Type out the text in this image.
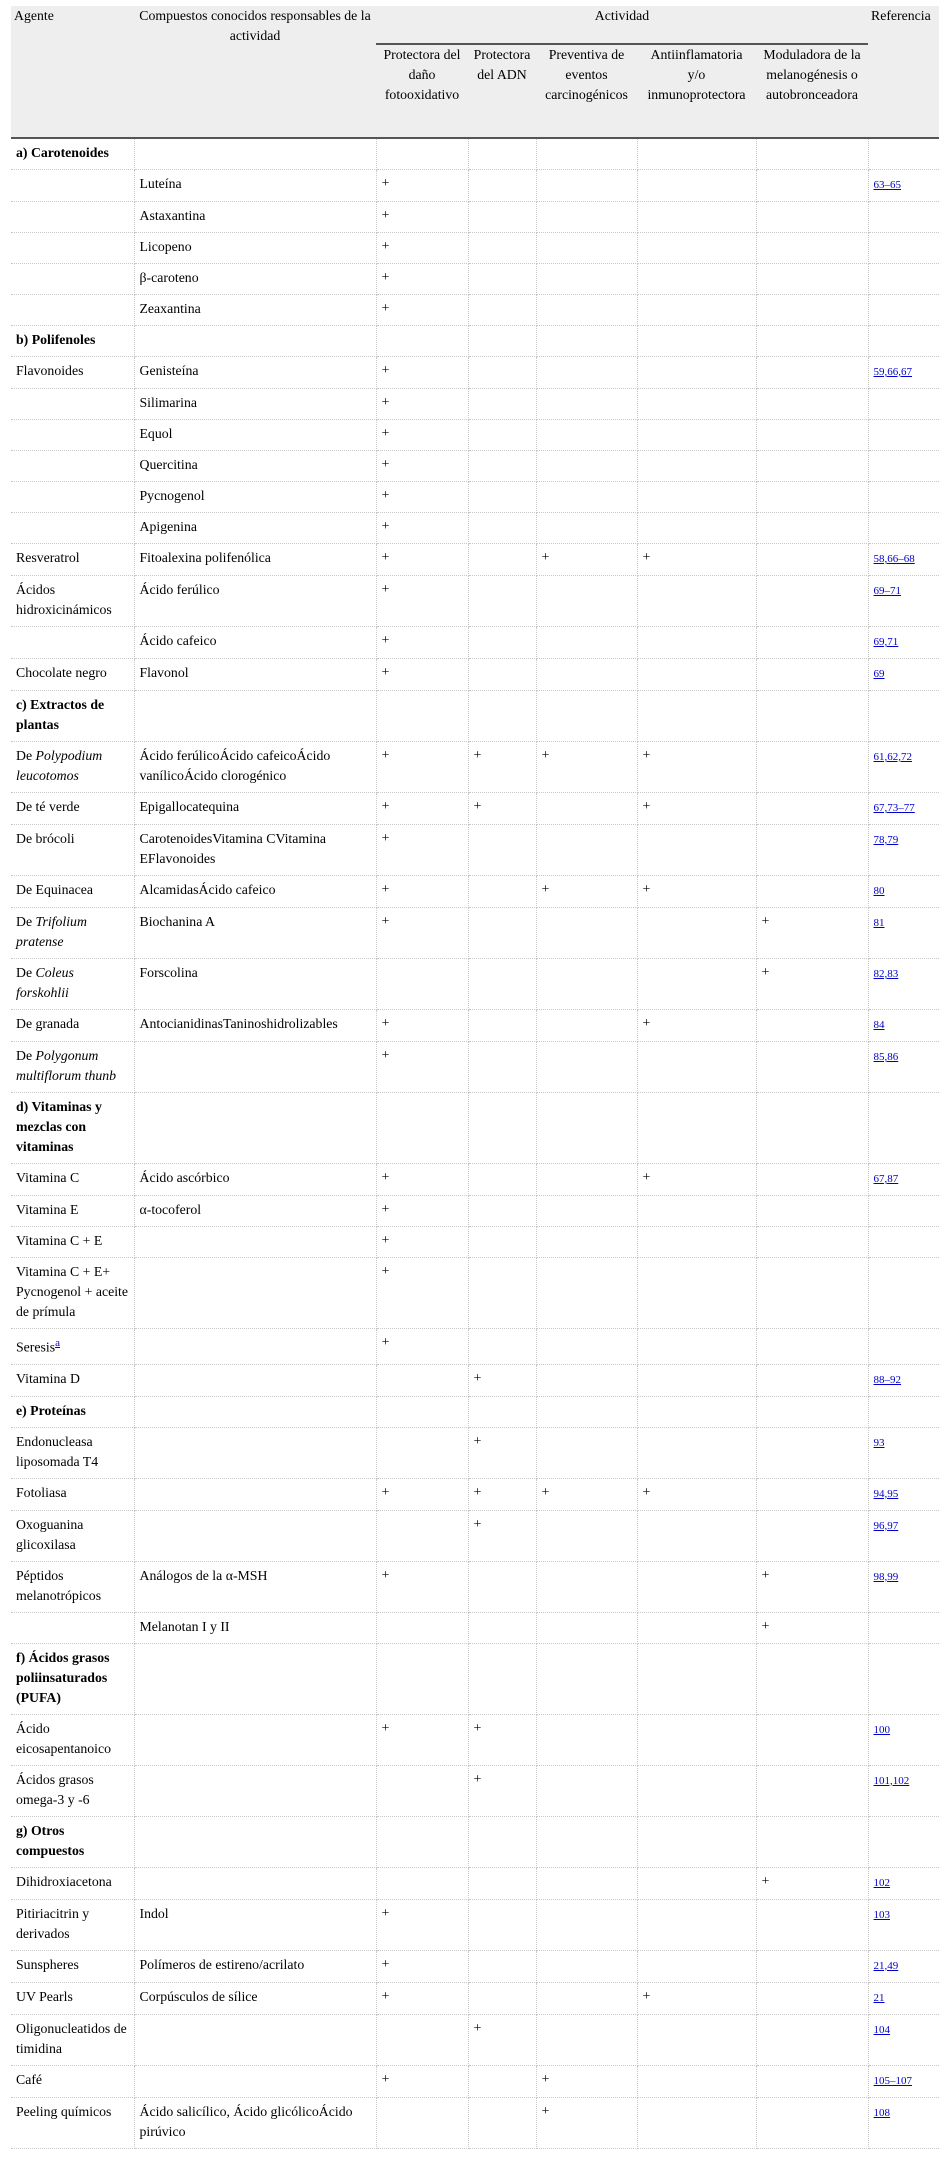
Agente	Compuestos conocidos responsables de la actividad	Actividad					Referencia
		Protectora del daño fotooxidativo	Protectora del ADN	Preventiva de eventos carcinogénicos	Antiinflamatoria y/o inmunoprotectora	Moduladora de la melanogénesis o autobronceadora	

a) Carotenoides							
	Luteína	+					63–65
	Astaxantina	+					
	Licopeno	+					
	β-caroteno	+					
	Zeaxantina	+					
b) Polifenoles							
Flavonoides	Genisteína	+					59,66,67
	Silimarina	+					
	Equol	+					
	Quercitina	+					
	Pycnogenol	+					
	Apigenina	+					
Resveratrol	Fitoalexina polifenólica	+		+	+		58,66–68
Ácidos hidroxicinámicos	Ácido ferúlico	+					69–71
	Ácido cafeico	+					69,71
Chocolate negro	Flavonol	+					69
c) Extractos de plantas							
De Polypodium leucotomos	Ácido ferúlicoÁcido cafeicoÁcido vanílicoÁcido clorogénico	+	+	+	+		61,62,72
De té verde	Epigallocatequina	+	+		+		67,73–77
De brócoli	CarotenoidesVitamina CVitamina EFlavonoides	+					78,79
De Equinacea	AlcamidasÁcido cafeico	+		+	+		80
De Trifolium pratense	Biochanina A	+				+	81
De Coleus forskohlii	Forscolina					+	82,83
De granada	AntocianidinasTaninoshidrolizables	+			+		84
De Polygonum multiflorum thunb		+					85,86
d) Vitaminas y mezclas con vitaminas							
Vitamina C	Ácido ascórbico	+			+		67,87
Vitamina E	α-tocoferol	+					
Vitamina C + E		+					
Vitamina C + E+ Pycnogenol + aceite de prímula		+					
Seresis$^a$		+					
Vitamina D			+				88–92
e) Proteínas							
Endonucleasa liposomada T4			+				93
Fotoliasa		+	+	+	+		94,95
Oxoguanina glicoxilasa			+				96,97
Péptidos melanotrópicos	Análogos de la α-MSH	+				+	98,99
	Melanotan I y II					+	
f) Ácidos grasos poliinsaturados (PUFA)							
Ácido eicosapentanoico		+	+				100
Ácidos grasos omega-3 y -6			+				101,102
g) Otros compuestos							
Dihidroxiacetona						+	102
Pitiriacitrin y derivados	Indol	+					103
Sunspheres	Polímeros de estireno/acrilato	+					21,49
UV Pearls	Corpúsculos de sílice	+			+		21
Oligonucleatidos de timidina			+				104
Café		+		+			105–107
Peeling químicos	Ácido salicílico, Ácido glicólicoÁcido pirúvico			+			108
